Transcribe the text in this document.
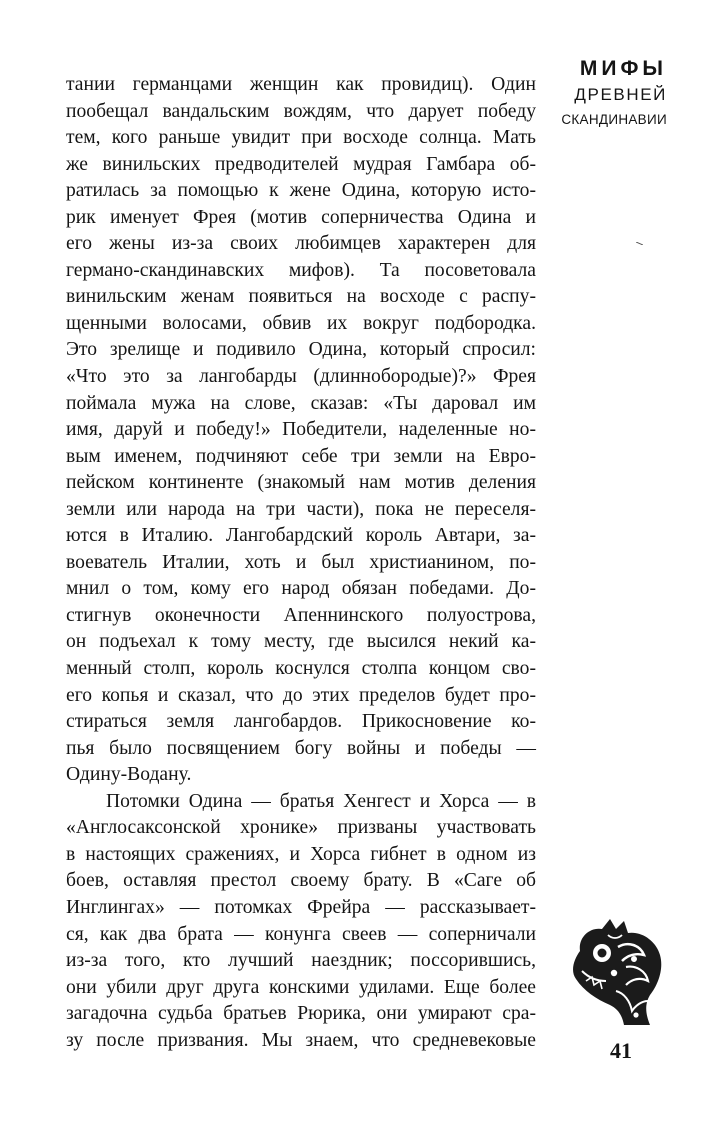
МИФЫ
ДРЕВНЕЙ
СКАНДИНАВИИ
тании германцами женщин как провидиц). Один
пообещал вандальским вождям, что дарует победу
тем, кого раньше увидит при восходе солнца. Мать
же винильских предводителей мудрая Гамбара об-
ратилась за помощью к жене Одина, которую исто-
рик именует Фрея (мотив соперничества Одина и
его жены из-за своих любимцев характерен для
германо-скандинавских мифов). Та посоветовала
винильским женам появиться на восходе с распу-
щенными волосами, обвив их вокруг подбородка.
Это зрелище и подивило Одина, который спросил:
«Что это за лангобарды (длиннобородые)?» Фрея
поймала мужа на слове, сказав: «Ты даровал им
имя, даруй и победу!» Победители, наделенные но-
вым именем, подчиняют себе три земли на Евро-
пейском континенте (знакомый нам мотив деления
земли или народа на три части), пока не переселя-
ются в Италию. Лангобардский король Автари, за-
воеватель Италии, хоть и был христианином, по-
мнил о том, кому его народ обязан победами. До-
стигнув оконечности Апеннинского полуострова,
он подъехал к тому месту, где высился некий ка-
менный столп, король коснулся столпа концом сво-
его копья и сказал, что до этих пределов будет про-
стираться земля лангобардов. Прикосновение ко-
пья было посвящением богу войны и победы —
Одину-Водану.
Потомки Одина — братья Хенгест и Хорса — в
«Англосаксонской хронике» призваны участвовать
в настоящих сражениях, и Хорса гибнет в одном из
боев, оставляя престол своему брату. В «Саге об
Инглингах» — потомках Фрейра — рассказывает-
ся, как два брата — конунга свеев — соперничали
из-за того, кто лучший наездник; поссорившись,
они убили друг друга конскими удилами. Еще более
загадочна судьба братьев Рюрика, они умирают сра-
зу после призвания. Мы знаем, что средневековые	41
